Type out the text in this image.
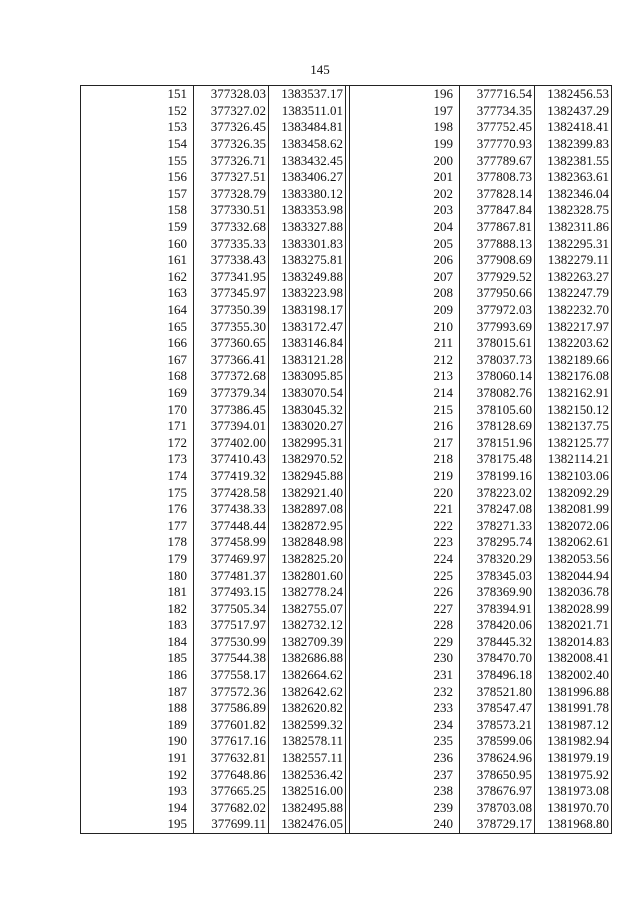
145
	151	377328.03	1383537.17			196	377716.54	1382456.53
	152	377327.02	1383511.01			197	377734.35	1382437.29
	153	377326.45	1383484.81			198	377752.45	1382418.41
	154	377326.35	1383458.62			199	377770.93	1382399.83
	155	377326.71	1383432.45			200	377789.67	1382381.55
	156	377327.51	1383406.27			201	377808.73	1382363.61
	157	377328.79	1383380.12			202	377828.14	1382346.04
	158	377330.51	1383353.98			203	377847.84	1382328.75
	159	377332.68	1383327.88			204	377867.81	1382311.86
	160	377335.33	1383301.83			205	377888.13	1382295.31
	161	377338.43	1383275.81			206	377908.69	1382279.11
	162	377341.95	1383249.88			207	377929.52	1382263.27
	163	377345.97	1383223.98			208	377950.66	1382247.79
	164	377350.39	1383198.17			209	377972.03	1382232.70
	165	377355.30	1383172.47			210	377993.69	1382217.97
	166	377360.65	1383146.84			211	378015.61	1382203.62
	167	377366.41	1383121.28			212	378037.73	1382189.66
	168	377372.68	1383095.85			213	378060.14	1382176.08
	169	377379.34	1383070.54			214	378082.76	1382162.91
	170	377386.45	1383045.32			215	378105.60	1382150.12
	171	377394.01	1383020.27			216	378128.69	1382137.75
	172	377402.00	1382995.31			217	378151.96	1382125.77
	173	377410.43	1382970.52			218	378175.48	1382114.21
	174	377419.32	1382945.88			219	378199.16	1382103.06
	175	377428.58	1382921.40			220	378223.02	1382092.29
	176	377438.33	1382897.08			221	378247.08	1382081.99
	177	377448.44	1382872.95			222	378271.33	1382072.06
	178	377458.99	1382848.98			223	378295.74	1382062.61
	179	377469.97	1382825.20			224	378320.29	1382053.56
	180	377481.37	1382801.60			225	378345.03	1382044.94
	181	377493.15	1382778.24			226	378369.90	1382036.78
	182	377505.34	1382755.07			227	378394.91	1382028.99
	183	377517.97	1382732.12			228	378420.06	1382021.71
	184	377530.99	1382709.39			229	378445.32	1382014.83
	185	377544.38	1382686.88			230	378470.70	1382008.41
	186	377558.17	1382664.62			231	378496.18	1382002.40
	187	377572.36	1382642.62			232	378521.80	1381996.88
	188	377586.89	1382620.82			233	378547.47	1381991.78
	189	377601.82	1382599.32			234	378573.21	1381987.12
	190	377617.16	1382578.11			235	378599.06	1381982.94
	191	377632.81	1382557.11			236	378624.96	1381979.19
	192	377648.86	1382536.42			237	378650.95	1381975.92
	193	377665.25	1382516.00			238	378676.97	1381973.08
	194	377682.02	1382495.88			239	378703.08	1381970.70
	195	377699.11	1382476.05			240	378729.17	1381968.80
